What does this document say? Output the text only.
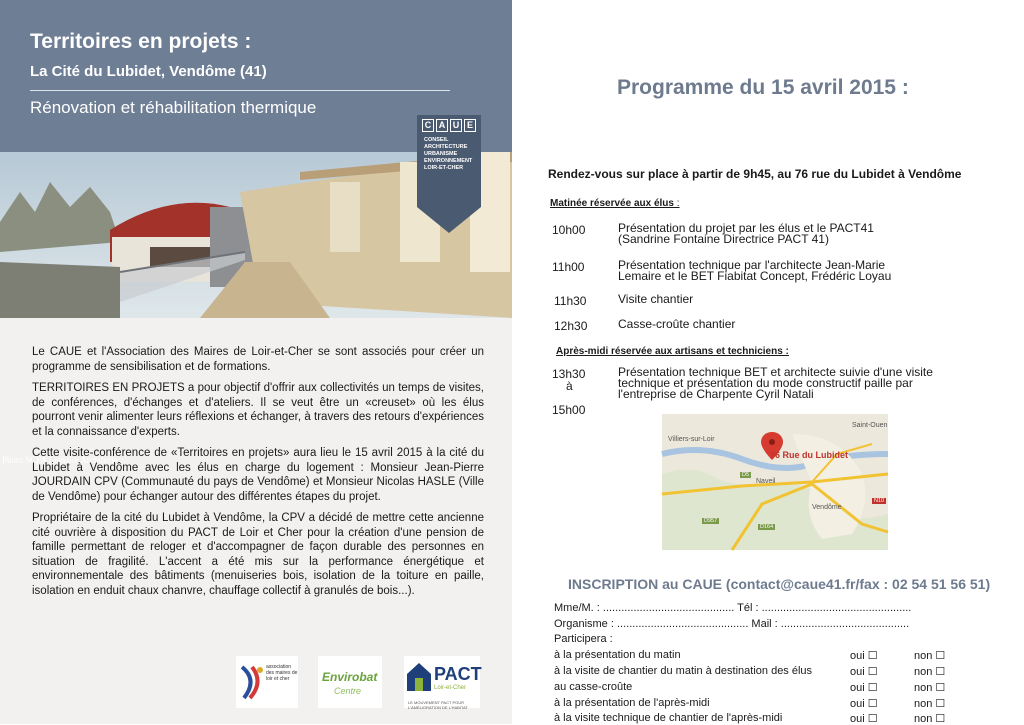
Territoires en projets :
La Cité du Lubidet, Vendôme (41)
Rénovation et réhabilitation thermique
Photo SCPA Lemaire Architecte
C A U E
CONSEIL
ARCHITECTURE
URBANISME
ENVIRONNEMENT
LOIR-ET-CHER

Le CAUE et l'Association des Maires de Loir-et-Cher se sont associés pour créer un programme de sensibilisation et de formations.

TERRITOIRES EN PROJETS a pour objectif d'offrir aux collectivités un temps de visites, de conférences, d'échanges et d'ateliers. Il se veut être un «creuset» où les élus pourront venir alimenter leurs réflexions et échanger, à travers des retours d'expériences et la connaissance d'experts.

Cette visite-conférence de «Territoires en projets» aura lieu le 15 avril 2015 à la cité du Lubidet à Vendôme avec les élus en charge du logement : Monsieur Jean-Pierre JOURDAIN CPV (Communauté du pays de Vendôme) et Monsieur Nicolas HASLE (Ville de Vendôme) pour échanger autour des différentes étapes du projet.

Propriétaire de la cité du Lubidet à Vendôme, la CPV a décidé de mettre cette ancienne cité ouvrière à disposition du PACT de Loir et Cher pour la création d'une pension de famille permettant de reloger et d'accompagner de façon durable des personnes en situation de fragilité. L'accent a été mis sur la performance énergétique et environnementale des bâtiments (menuiseries bois, isolation de la toiture en paille, isolation en enduit chaux chanvre, chauffage collectif à granulés de bois...).

association des maires de loir et cher	Envirobat
Centre
PACT
Loir-et-Cher
LE MOUVEMENT PACT POUR L'AMÉLIORATION DE L'HABITAT
Programme du 15 avril 2015 :
Rendez-vous sur place à partir de 9h45, au 76 rue du Lubidet à Vendôme
Matinée réservée aux élus :
10h00	Présentation du projet par les élus et le PACT41
(Sandrine Fontaine Directrice PACT 41)
11h00	Présentation technique par l'architecte Jean-Marie
Lemaire et le BET Fiabitat Concept, Frédéric Loyau
11h30	Visite chantier
12h30	Casse-croûte chantier
Après-midi réservée aux artisans et techniciens :
13h30
à
15h00
Présentation technique BET et architecte suivie d'une visite
technique et présentation du mode constructif paille par
l'entreprise de Charpente Cyril Natali
76 Rue du Lubidet
Villiers-sur-Loir
Saint-Ouen
Naveil
Vendôme
D5
D957
D164
N10
INSCRIPTION au CAUE (contact@caue41.fr/fax : 02 54 51 56 51)
Mme/M. : ........................................... Tél : .................................................
Organisme : ........................................... Mail : ..........................................
Participera :
à la présentation du matin	oui ☐	non ☐
à la visite de chantier du matin à destination des élus	oui ☐	non ☐
au casse-croûte	oui ☐	non ☐
à la présentation de l'après-midi	oui ☐	non ☐
à la visite technique de chantier de l'après-midi	oui ☐	non ☐
